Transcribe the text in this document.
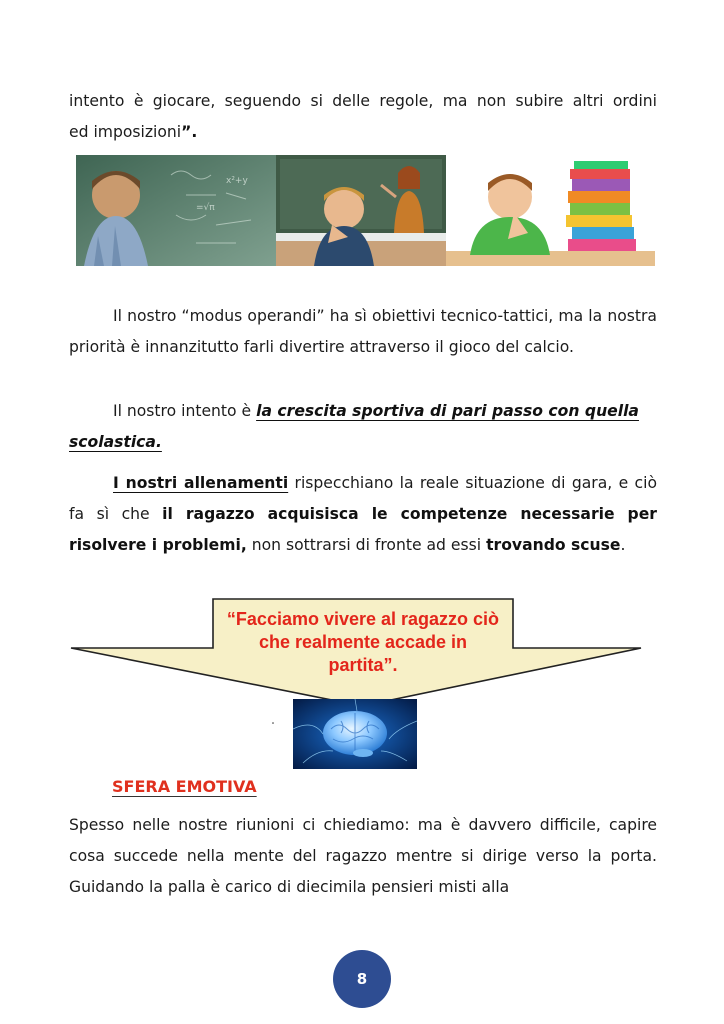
intento è giocare, seguendo si delle regole, ma non subire altri ordini

ed imposizioni”.

x²+y
=√π

Il nostro “modus operandi” ha sì obiettivi tecnico-tattici, ma la nostra priorità è innanzitutto farli divertire attraverso il gioco del calcio.

Il nostro intento è la crescita sportiva di pari passo con quella scolastica.

I nostri allenamenti rispecchiano la reale situazione di gara, e ciò fa sì che il ragazzo acquisisca le competenze necessarie per risolvere i problemi, non sottrarsi di fronte ad essi trovando scuse.

“Facciamo vivere al ragazzo ciò
che realmente accade in
partita”.
SFERA EMOTIVA

Spesso nelle nostre riunioni ci chiediamo: ma è davvero difficile, capire cosa succede nella mente del ragazzo mentre si dirige verso la porta. Guidando la palla è carico di diecimila pensieri misti alla

8
